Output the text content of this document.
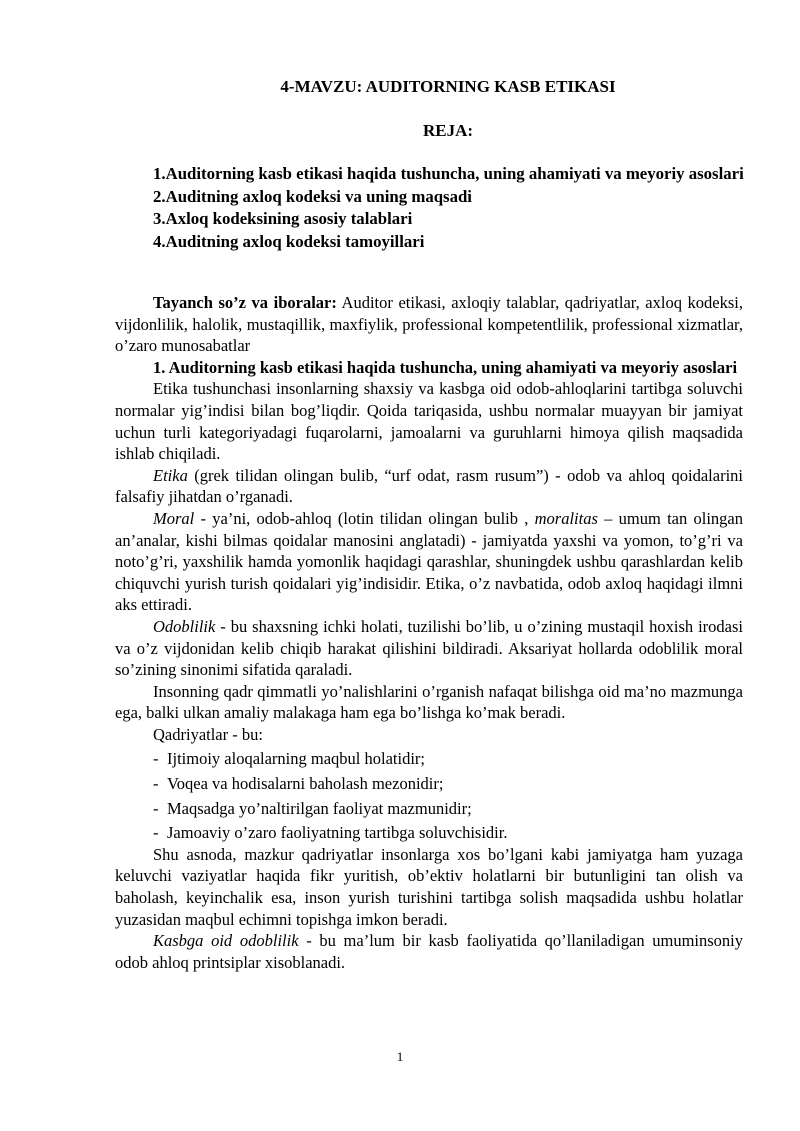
4-MAVZU: AUDITORNING KASB ETIKASI
REJA:
1.Auditorning kasb etikasi haqida tushuncha, uning ahamiyati va meyoriy asoslari
2.Auditning axloq kodeksi va uning maqsadi
3.Axloq kodeksining asosiy talablari
4.Auditning axloq kodeksi tamoyillari

Tayanch so’z va iboralar: Auditor etikasi, axloqiy talablar, qadriyatlar, axloq kodeksi, vijdonlilik, halolik, mustaqillik, maxfiylik, professional kompetentlilik, professional xizmatlar, o’zaro munosabatlar

1. Auditorning kasb etikasi haqida tushuncha, uning ahamiyati va meyoriy asoslari

Etika tushunchasi insonlarning shaxsiy va kasbga oid odob-ahloqlarini tartibga soluvchi normalar yig’indisi bilan bog’liqdir. Qoida tariqasida, ushbu normalar muayyan bir jamiyat uchun turli kategoriyadagi fuqarolarni, jamoalarni va guruhlarni himoya qilish maqsadida ishlab chiqiladi.

Etika (grek tilidan olingan bulib, “urf odat, rasm rusum”) - odob va ahloq qoidalarini falsafiy jihatdan o’rganadi.

Moral - ya’ni, odob-ahloq (lotin tilidan olingan bulib , moralitas – umum tan olingan an’analar, kishi bilmas qoidalar manosini anglatadi) - jamiyatda yaxshi va yomon, to’g’ri va noto’g’ri, yaxshilik hamda yomonlik haqidagi qarashlar, shuningdek ushbu qarashlardan kelib chiquvchi yurish turish qoidalari yig’indisidir. Etika, o’z navbatida, odob axloq haqidagi ilmni aks ettiradi.

Odoblilik - bu shaxsning ichki holati, tuzilishi bo’lib, u o’zining mustaqil hoxish irodasi va o’z vijdonidan kelib chiqib harakat qilishini bildiradi. Aksariyat hollarda odoblilik moral so’zining sinonimi sifatida qaraladi.

Insonning qadr qimmatli yo’nalishlarini o’rganish nafaqat bilishga oid ma’no mazmunga ega, balki ulkan amaliy malakaga ham ega bo’lishga ko’mak beradi.

Qadriyatlar - bu:

- Ijtimoiy aloqalarning maqbul holatidir;
- Voqea va hodisalarni baholash mezonidir;
- Maqsadga yo’naltirilgan faoliyat mazmunidir;
- Jamoaviy o’zaro faoliyatning tartibga soluvchisidir.

Shu asnoda, mazkur qadriyatlar insonlarga xos bo’lgani kabi jamiyatga ham yuzaga keluvchi vaziyatlar haqida fikr yuritish, ob’ektiv holatlarni bir butunligini tan olish va baholash, keyinchalik esa, inson yurish turishini tartibga solish maqsadida ushbu holatlar yuzasidan maqbul echimni topishga imkon beradi.

Kasbga oid odoblilik - bu ma’lum bir kasb faoliyatida qo’llaniladigan umuminsoniy odob ahloq printsiplar xisoblanadi.

1
